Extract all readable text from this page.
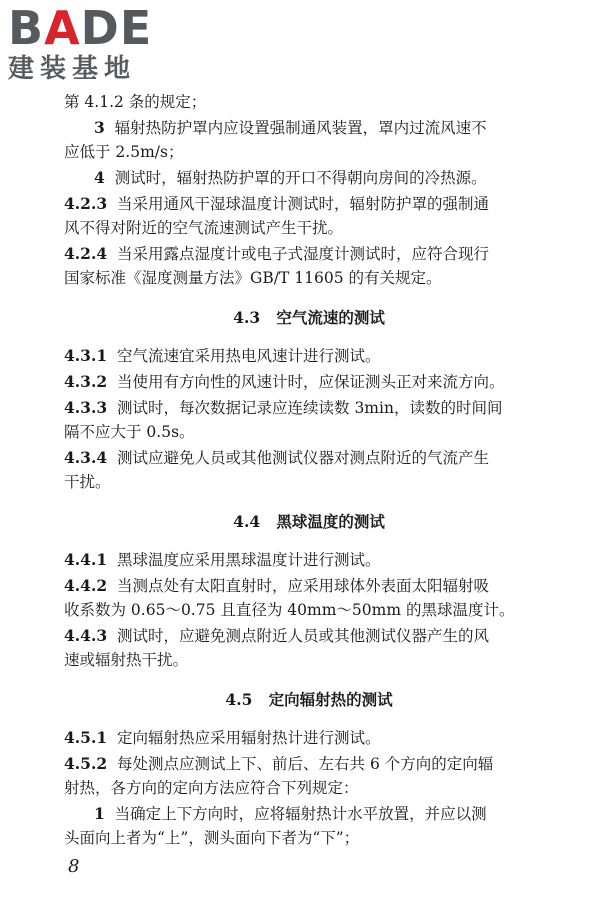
BADE
建装基地
第 4.1.2 条的规定；
3 辐射热防护罩内应设置强制通风装置，罩内过流风速不
应低于 2.5m/s；
4 测试时，辐射热防护罩的开口不得朝向房间的冷热源。
4.2.3 当采用通风干湿球温度计测试时，辐射防护罩的强制通
风不得对附近的空气流速测试产生干扰。
4.2.4 当采用露点湿度计或电子式湿度计测试时，应符合现行
国家标准《湿度测量方法》GB/T 11605 的有关规定。
4.3 空气流速的测试
4.3.1 空气流速宜采用热电风速计进行测试。
4.3.2 当使用有方向性的风速计时，应保证测头正对来流方向。
4.3.3 测试时，每次数据记录应连续读数 3min，读数的时间间
隔不应大于 0.5s。
4.3.4 测试应避免人员或其他测试仪器对测点附近的气流产生
干扰。
4.4 黑球温度的测试
4.4.1 黑球温度应采用黑球温度计进行测试。
4.4.2 当测点处有太阳直射时，应采用球体外表面太阳辐射吸
收系数为 0.65～0.75 且直径为 40mm～50mm 的黑球温度计。
4.4.3 测试时，应避免测点附近人员或其他测试仪器产生的风
速或辐射热干扰。
4.5 定向辐射热的测试
4.5.1 定向辐射热应采用辐射热计进行测试。
4.5.2 每处测点应测试上下、前后、左右共 6 个方向的定向辐
射热，各方向的定向方法应符合下列规定：
1 当确定上下方向时，应将辐射热计水平放置，并应以测
头面向上者为“上”，测头面向下者为“下”；
8
